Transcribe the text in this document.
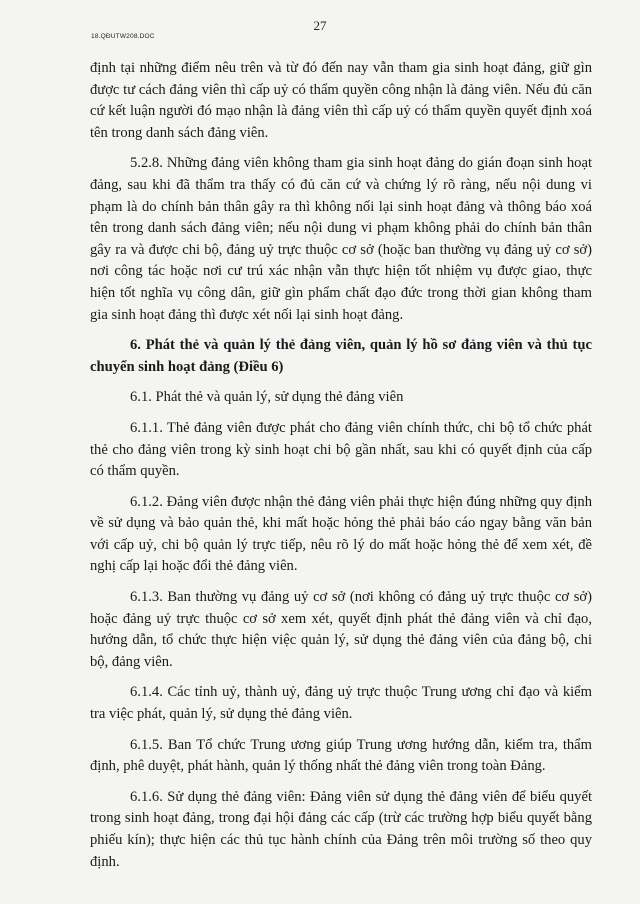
18.QĐUTW208.DOC
27

định tại những điểm nêu trên và từ đó đến nay vẫn tham gia sinh hoạt đảng, giữ gìn được tư cách đảng viên thì cấp uỷ có thẩm quyền công nhận là đảng viên. Nếu đủ căn cứ kết luận người đó mạo nhận là đảng viên thì cấp uỷ có thẩm quyền quyết định xoá tên trong danh sách đảng viên.

5.2.8. Những đảng viên không tham gia sinh hoạt đảng do gián đoạn sinh hoạt đảng, sau khi đã thẩm tra thấy có đủ căn cứ và chứng lý rõ ràng, nếu nội dung vi phạm là do chính bản thân gây ra thì không nối lại sinh hoạt đảng và thông báo xoá tên trong danh sách đảng viên; nếu nội dung vi phạm không phải do chính bản thân gây ra và được chi bộ, đảng uỷ trực thuộc cơ sở (hoặc ban thường vụ đảng uỷ cơ sở) nơi công tác hoặc nơi cư trú xác nhận vẫn thực hiện tốt nhiệm vụ được giao, thực hiện tốt nghĩa vụ công dân, giữ gìn phẩm chất đạo đức trong thời gian không tham gia sinh hoạt đảng thì được xét nối lại sinh hoạt đảng.

6. Phát thẻ và quản lý thẻ đảng viên, quản lý hồ sơ đảng viên và thủ tục chuyển sinh hoạt đảng (Điều 6)

6.1. Phát thẻ và quản lý, sử dụng thẻ đảng viên

6.1.1. Thẻ đảng viên được phát cho đảng viên chính thức, chi bộ tổ chức phát thẻ cho đảng viên trong kỳ sinh hoạt chi bộ gần nhất, sau khi có quyết định của cấp có thẩm quyền.

6.1.2. Đảng viên được nhận thẻ đảng viên phải thực hiện đúng những quy định về sử dụng và bảo quản thẻ, khi mất hoặc hỏng thẻ phải báo cáo ngay bằng văn bản với cấp uỷ, chi bộ quản lý trực tiếp, nêu rõ lý do mất hoặc hỏng thẻ để xem xét, đề nghị cấp lại hoặc đổi thẻ đảng viên.

6.1.3. Ban thường vụ đảng uỷ cơ sở (nơi không có đảng uỷ trực thuộc cơ sở) hoặc đảng uỷ trực thuộc cơ sở xem xét, quyết định phát thẻ đảng viên và chỉ đạo, hướng dẫn, tổ chức thực hiện việc quản lý, sử dụng thẻ đảng viên của đảng bộ, chi bộ, đảng viên.

6.1.4. Các tỉnh uỷ, thành uỷ, đảng uỷ trực thuộc Trung ương chỉ đạo và kiểm tra việc phát, quản lý, sử dụng thẻ đảng viên.

6.1.5. Ban Tổ chức Trung ương giúp Trung ương hướng dẫn, kiểm tra, thẩm định, phê duyệt, phát hành, quản lý thống nhất thẻ đảng viên trong toàn Đảng.

6.1.6. Sử dụng thẻ đảng viên: Đảng viên sử dụng thẻ đảng viên để biểu quyết trong sinh hoạt đảng, trong đại hội đảng các cấp (trừ các trường hợp biểu quyết bằng phiếu kín); thực hiện các thủ tục hành chính của Đảng trên môi trường số theo quy định.
